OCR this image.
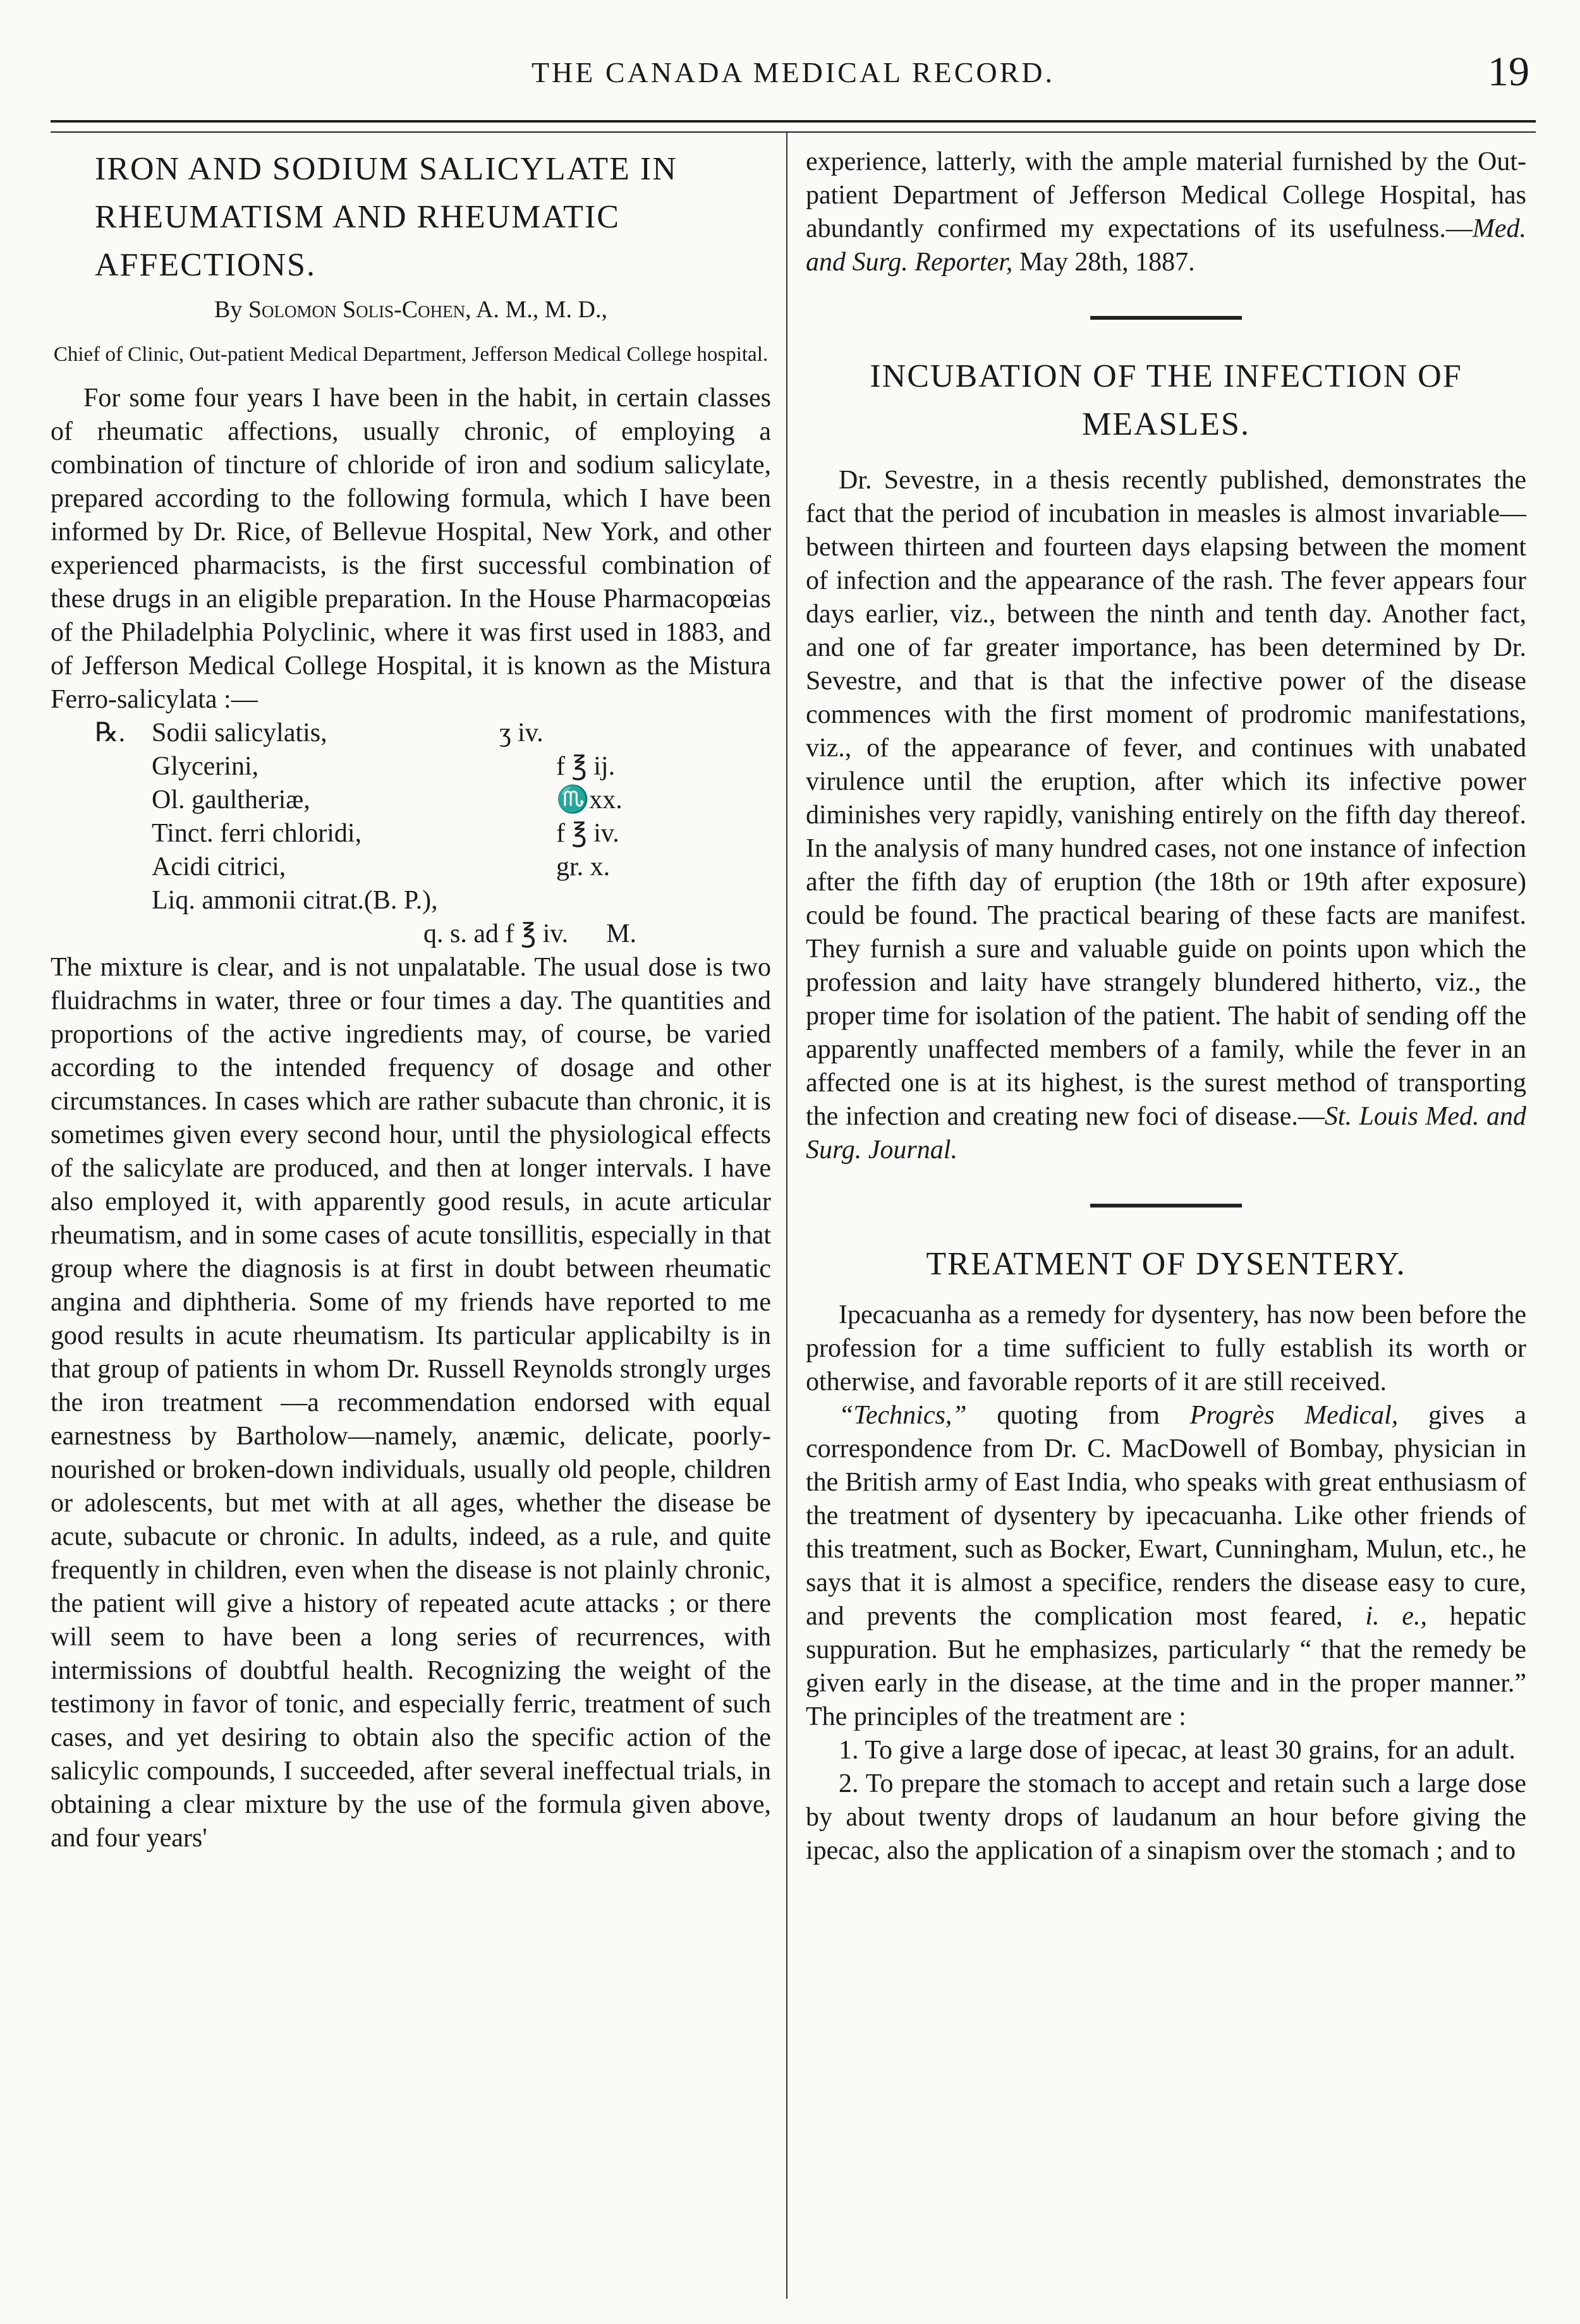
THE CANADA MEDICAL RECORD.	19
IRON AND SODIUM SALICYLATE IN RHEUMATISM AND RHEUMATIC AFFECTIONS.
By Solomon Solis-Cohen, A. M., M. D.,
Chief of Clinic, Out-patient Medical Department, Jefferson Medical College hospital.

For some four years I have been in the habit, in certain classes of rheumatic affections, usually chronic, of employing a combination of tincture of chloride of iron and sodium salicylate, prepared according to the following formula, which I have been informed by Dr. Rice, of Bellevue Hospital, New York, and other experienced pharmacists, is the first successful combination of these drugs in an eligible preparation. In the House Pharmacopœias of the Philadelphia Polyclinic, where it was first used in 1883, and of Jefferson Medical College Hospital, it is known as the Mistura Ferro-salicylata :—

℞. Sodii salicylatis,	ʒ iv.
Glycerini,	f ℥ ij.
Ol. gaultheriæ,	♏xx.
Tinct. ferri chloridi,	f ℥ iv.
Acidi citrici,	gr. x.
Liq. ammonii citrat.(B. P.),
q. s. ad f ℥ iv.	M.

The mixture is clear, and is not unpalatable. The usual dose is two fluidrachms in water, three or four times a day. The quantities and proportions of the active ingredients may, of course, be varied according to the intended frequency of dosage and other circumstances. In cases which are rather subacute than chronic, it is sometimes given every second hour, until the physiological effects of the salicylate are produced, and then at longer intervals. I have also employed it, with apparently good resuls, in acute articular rheumatism, and in some cases of acute tonsillitis, especially in that group where the diagnosis is at first in doubt between rheumatic angina and diphtheria. Some of my friends have reported to me good results in acute rheumatism. Its particular applicabilty is in that group of patients in whom Dr. Russell Reynolds strongly urges the iron treatment —a recommendation endorsed with equal earnestness by Bartholow—namely, anæmic, delicate, poorly-nourished or broken-down individuals, usually old people, children or adolescents, but met with at all ages, whether the disease be acute, subacute or chronic. In adults, indeed, as a rule, and quite frequently in children, even when the disease is not plainly chronic, the patient will give a history of repeated acute attacks ; or there will seem to have been a long series of recurrences, with intermissions of doubtful health. Recognizing the weight of the testimony in favor of tonic, and especially ferric, treatment of such cases, and yet desiring to obtain also the specific action of the salicylic compounds, I succeeded, after several ineffectual trials, in obtaining a clear mixture by the use of the formula given above, and four years'

experience, latterly, with the ample material furnished by the Out-patient Department of Jefferson Medical College Hospital, has abundantly confirmed my expectations of its usefulness.—Med. and Surg. Reporter, May 28th, 1887.

INCUBATION OF THE INFECTION OF MEASLES.

Dr. Sevestre, in a thesis recently published, demonstrates the fact that the period of incubation in measles is almost invariable—between thirteen and fourteen days elapsing between the moment of infection and the appearance of the rash. The fever appears four days earlier, viz., between the ninth and tenth day. Another fact, and one of far greater importance, has been determined by Dr. Sevestre, and that is that the infective power of the disease commences with the first moment of prodromic manifestations, viz., of the appearance of fever, and continues with unabated virulence until the eruption, after which its infective power diminishes very rapidly, vanishing entirely on the fifth day thereof. In the analysis of many hundred cases, not one instance of infection after the fifth day of eruption (the 18th or 19th after exposure) could be found. The practical bearing of these facts are manifest. They furnish a sure and valuable guide on points upon which the profession and laity have strangely blundered hitherto, viz., the proper time for isolation of the patient. The habit of sending off the apparently unaffected members of a family, while the fever in an affected one is at its highest, is the surest method of transporting the infection and creating new foci of disease.—St. Louis Med. and Surg. Journal.

TREATMENT OF DYSENTERY.

Ipecacuanha as a remedy for dysentery, has now been before the profession for a time sufficient to fully establish its worth or otherwise, and favorable reports of it are still received.

“Technics,” quoting from Progrès Medical, gives a correspondence from Dr. C. MacDowell of Bombay, physician in the British army of East India, who speaks with great enthusiasm of the treatment of dysentery by ipecacuanha. Like other friends of this treatment, such as Bocker, Ewart, Cunningham, Mulun, etc., he says that it is almost a specifice, renders the disease easy to cure, and prevents the complication most feared, i. e., hepatic suppuration. But he emphasizes, particularly “ that the remedy be given early in the disease, at the time and in the proper manner.” The principles of the treatment are :

1. To give a large dose of ipecac, at least 30 grains, for an adult.

2. To prepare the stomach to accept and retain such a large dose by about twenty drops of laudanum an hour before giving the ipecac, also the application of a sinapism over the stomach ; and to
